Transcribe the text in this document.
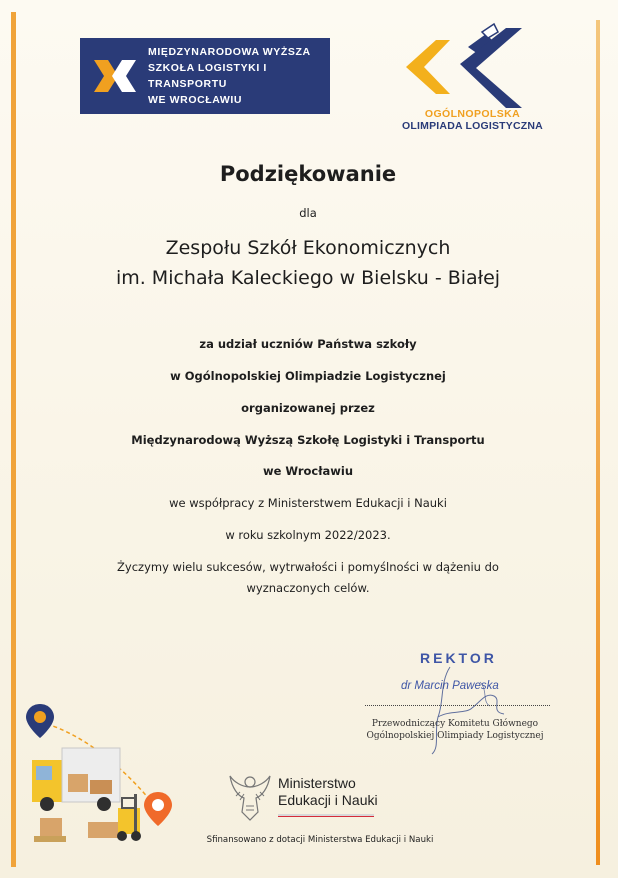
MIĘDZYNARODOWA WYŻSZA
SZKOŁA LOGISTYKI I TRANSPORTU
WE WROCŁAWIU
OGÓLNOPOLSKA
OLIMPIADA LOGISTYCZNA
Podziękowanie
dla
Zespołu Szkół Ekonomicznych
im. Michała Kaleckiego w Bielsku - Białej
za udział uczniów Państwa szkoły
w Ogólnopolskiej Olimpiadzie Logistycznej
organizowanej przez
Międzynarodową Wyższą Szkołę Logistyki i Transportu
we Wrocławiu
we współpracy z Ministerstwem Edukacji i Nauki
w roku szkolnym 2022/2023.
Życzymy wielu sukcesów, wytrwałości i pomyślności w dążeniu do
wyznaczonych celów.
REKTOR
dr Marcin Paweska
Przewodniczący Komitetu Głównego
Ogólnopolskiej Olimpiady Logistycznej
Ministerstwo
Edukacji i Nauki
Sfinansowano z dotacji Ministerstwa Edukacji i Nauki
